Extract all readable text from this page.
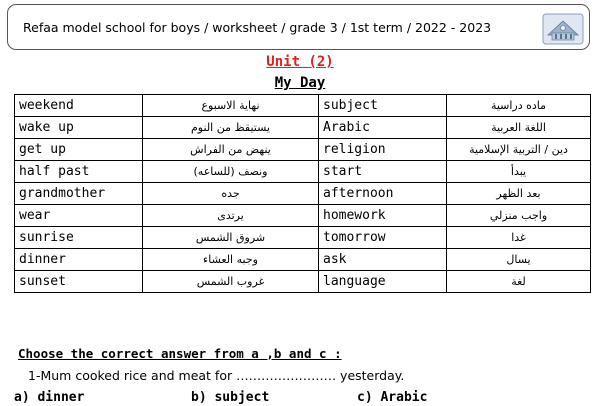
Refaa model school for boys / worksheet / grade 3 / 1st term / 2022 - 2023
Unit (2)
My Day
weekend	نهاية الاسبوع	subject	ماده دراسية
wake up	يستيقظ من النوم	Arabic	اللغة العربية
get up	ينهض من الفراش	religion	دين / التربية الإسلامية
half past	ونصف (للساعه)	start	يبدأ
grandmother	جده	afternoon	بعد الظهر
wear	يرتدى	homework	واجب منزلي
sunrise	شروق الشمس	tomorrow	غدا
dinner	وجبه العشاء	ask	يسال
sunset	غروب الشمس	language	لغة
Choose the correct answer from a ,b and c :
1-Mum cooked rice and meat for …………………… yesterday.
a) dinner	b) subject	c) Arabic
